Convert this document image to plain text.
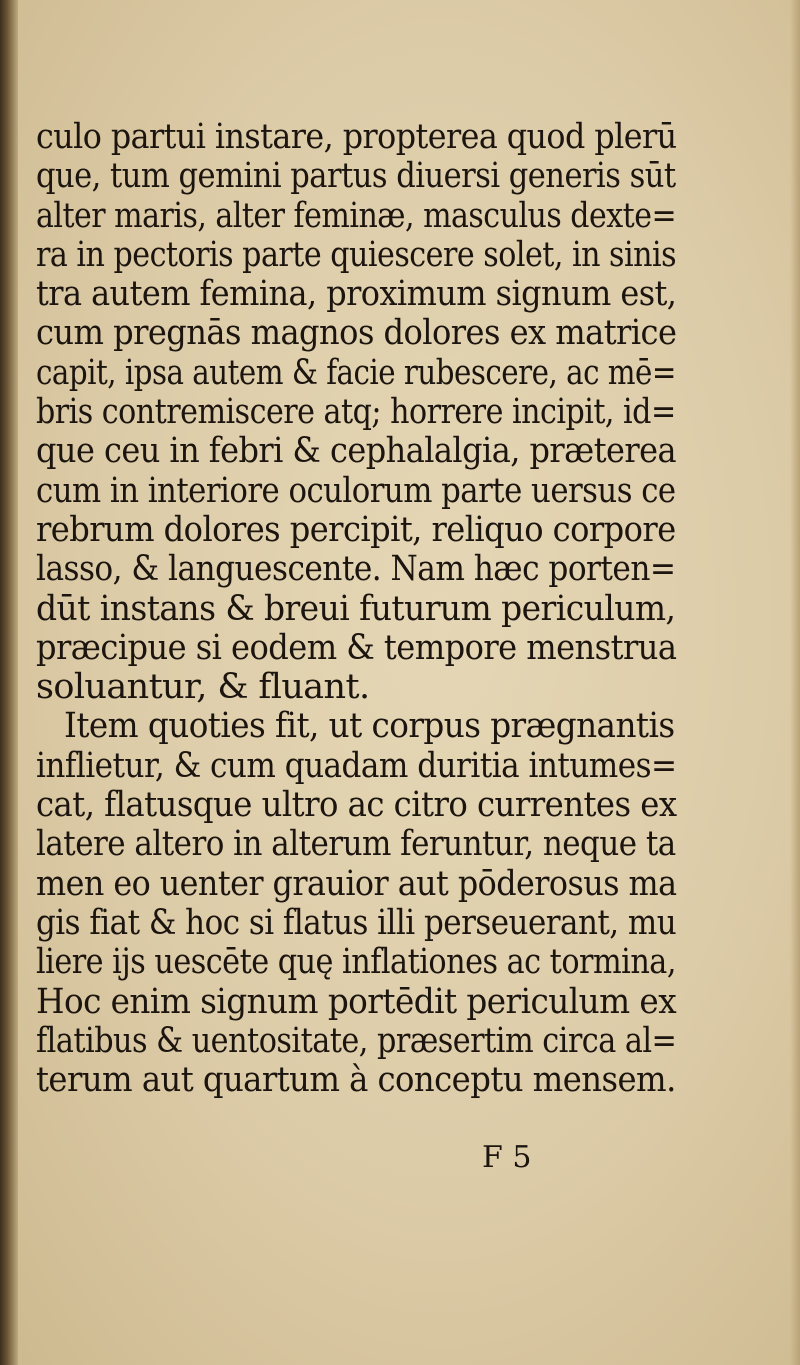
culo partui instare, propterea quod plerū
que, tum gemini partus diuersi generis sūt
alter maris, alter feminæ, masculus dexte=
ra in pectoris parte quiescere solet, in sinis
tra autem femina, proximum signum est,
cum pregnās magnos dolores ex matrice
capit, ipsa autem & facie rubescere, ac mē=
bris contremiscere atq; horrere incipit, id=
que ceu in febri & cephalalgia, præterea
cum in interiore oculorum parte uersus ce
rebrum dolores percipit, reliquo corpore
lasso, & languescente. Nam hæc porten=
dūt instans & breui futurum periculum,
præcipue si eodem & tempore menstrua
soluantur, & fluant.
Item quoties fit, ut corpus prægnantis
inflietur, & cum quadam duritia intumes=
cat, flatusque ultro ac citro currentes ex
latere altero in alterum feruntur, neque ta
men eo uenter grauior aut pōderosus ma
gis fiat & hoc si flatus illi perseuerant, mu
liere ijs uescēte quę inflationes ac tormina,
Hoc enim signum portēdit periculum ex
flatibus & uentositate, præsertim circa al=
terum aut quartum à conceptu mensem.
F 5
